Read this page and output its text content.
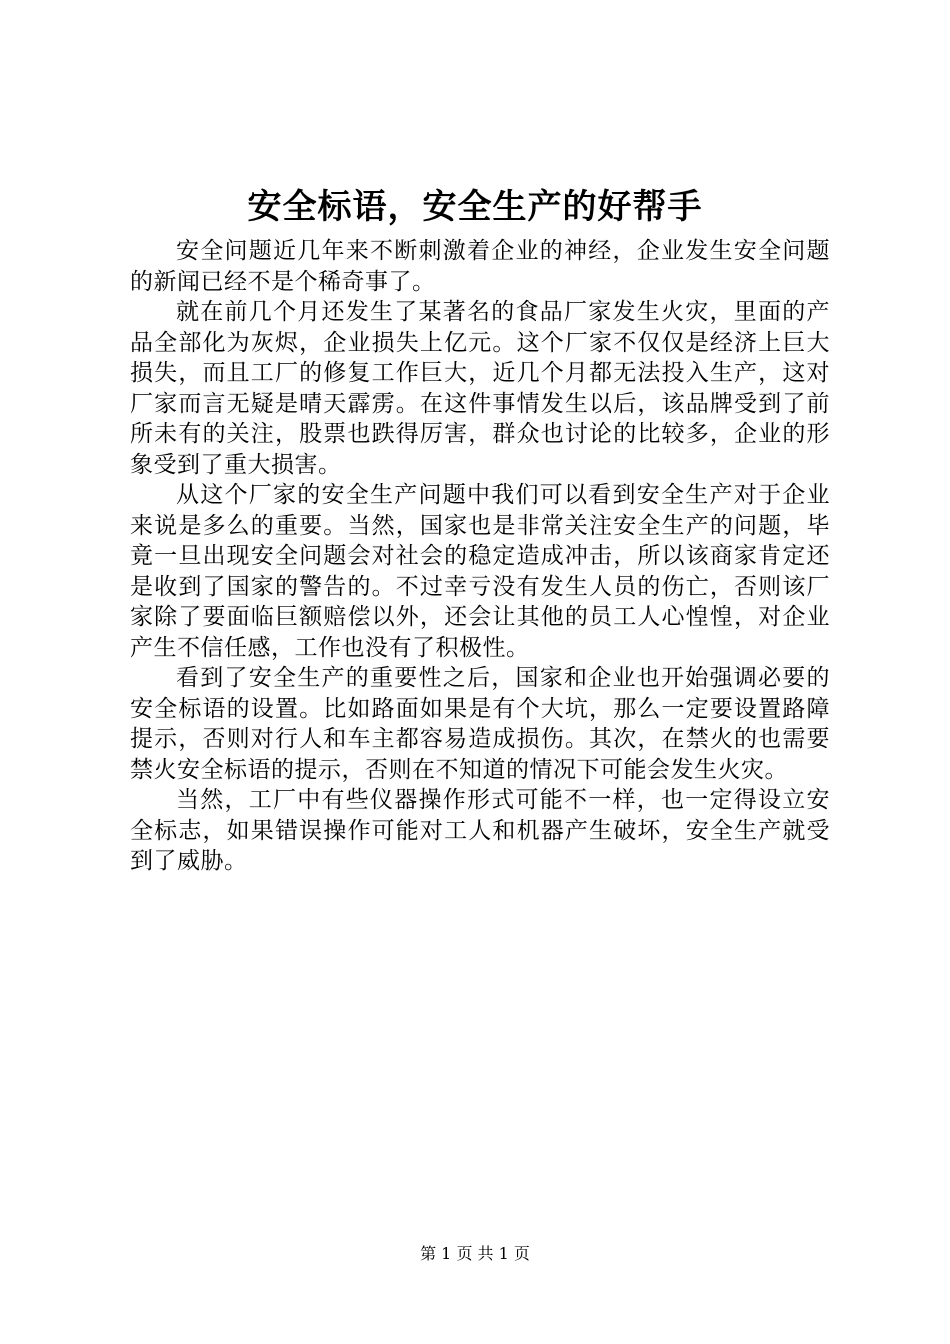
安全标语，安全生产的好帮手

安全问题近几年来不断刺激着企业的神经，企业发生安全问题的新闻已经不是个稀奇事了。

就在前几个月还发生了某著名的食品厂家发生火灾，里面的产品全部化为灰烬，企业损失上亿元。这个厂家不仅仅是经济上巨大损失，而且工厂的修复工作巨大，近几个月都无法投入生产，这对厂家而言无疑是晴天霹雳。在这件事情发生以后，该品牌受到了前所未有的关注，股票也跌得厉害，群众也讨论的比较多，企业的形象受到了重大损害。

从这个厂家的安全生产问题中我们可以看到安全生产对于企业来说是多么的重要。当然，国家也是非常关注安全生产的问题，毕竟一旦出现安全问题会对社会的稳定造成冲击，所以该商家肯定还是收到了国家的警告的。不过幸亏没有发生人员的伤亡，否则该厂家除了要面临巨额赔偿以外，还会让其他的员工人心惶惶，对企业产生不信任感，工作也没有了积极性。

看到了安全生产的重要性之后，国家和企业也开始强调必要的安全标语的设置。比如路面如果是有个大坑，那么一定要设置路障提示，否则对行人和车主都容易造成损伤。其次，在禁火的也需要禁火安全标语的提示，否则在不知道的情况下可能会发生火灾。

当然，工厂中有些仪器操作形式可能不一样，也一定得设立安全标志，如果错误操作可能对工人和机器产生破坏，安全生产就受到了威胁。

第 1 页 共 1 页
